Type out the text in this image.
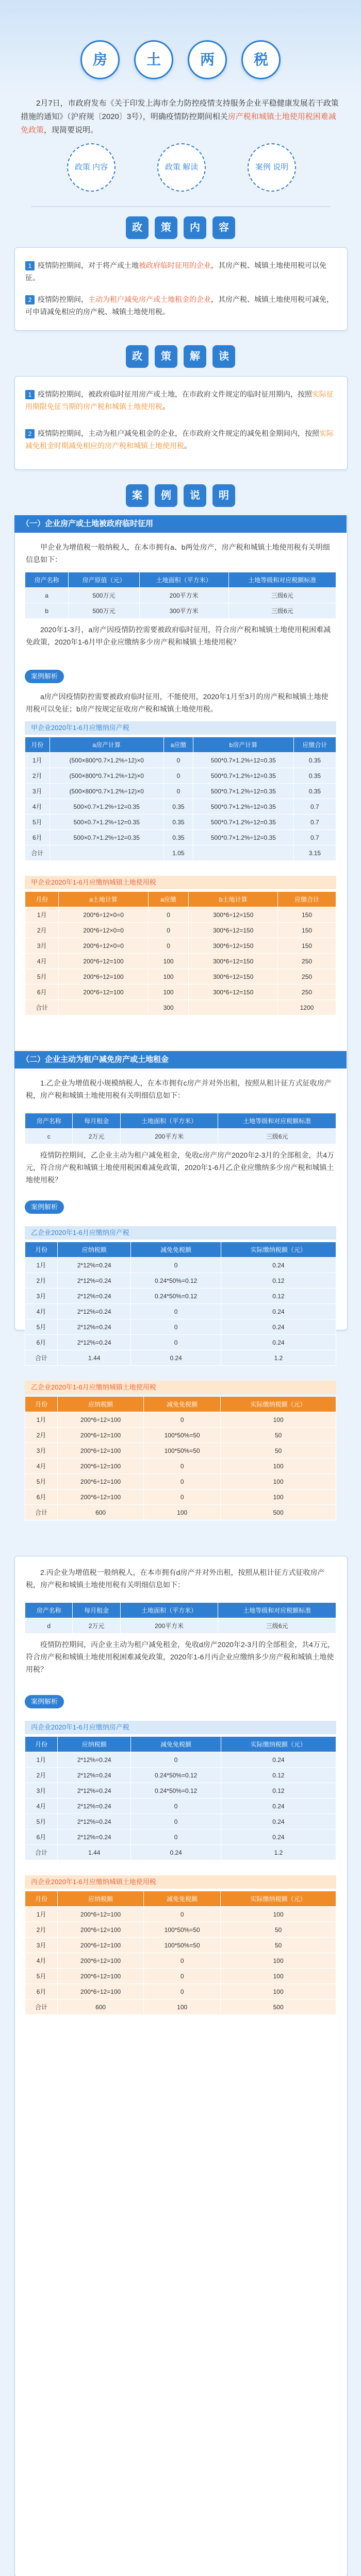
房	土	两	税
2月7日，市政府发布《关于印发上海市全力防控疫情支持服务企业平稳健康发展若干政策措施的通知》（沪府规〔2020〕3号），明确疫情防控期间相关房产税和城镇土地使用税困难减免政策，现简要说明。
政策 内容	政策 解读	案例 说明
政 策 内 容
1 疫情防控期间，对于将产或土地被政府临时征用的企业，其房产税、城镇土地使用税可以免征。
2 疫情防控期间，主动为租户减免房产或土地租金的企业，其房产税、城镇土地使用税可减免，可申请减免相应的房产税、城镇土地使用税。
政 策 解 读
1 疫情防控期间，被政府临时征用房产或土地，在市政府文件规定的临时征用期内，按照实际征用期限免征当期的房产税和城镇土地使用税。
2 疫情防控期间，主动为租户减免租金的企业，在市政府文件规定的减免租金期间内，按照实际减免租金时期减免相应的房产税和城镇土地使用税。
案 例 说 明
（一）企业房产或土地被政府临时征用
甲企业为增值税一般纳税人，在本市拥有a、b两处房产，房产税和城镇土地使用税有关明细信息如下：
房产名称	房产原值（元）	土地面积（平方米）	土地等级和对应税额标准
a	500万元	200平方米	三级6元
b	500万元	300平方米	三级6元
2020年1-3月，a房产因疫情防控需要被政府临时征用，符合房产税和城镇土地使用税困难减免政策，2020年1-6月甲企业应缴纳多少房产税和城镇土地使用税？
案例解析
a房产因疫情防控需要被政府临时征用，不能使用，2020年1月至3月的房产税和城镇土地使用税可以免征；b房产按规定征收房产税和城镇土地使用税。
甲企业2020年1-6月应缴纳房产税
月份	a房产计算	a应缴	b房产计算	应缴合计
1月	(500×800*0.7×1.2%÷12)×0	0	500*0.7×1.2%÷12=0.35	0.35
2月	(500×800*0.7×1.2%÷12)×0	0	500*0.7×1.2%÷12=0.35	0.35
3月	(500×800*0.7×1.2%÷12)×0	0	500*0.7×1.2%÷12=0.35	0.35
4月	500×0.7×1.2%÷12=0.35	0.35	500*0.7×1.2%÷12=0.35	0.7
5月	500×0.7×1.2%÷12=0.35	0.35	500*0.7×1.2%÷12=0.35	0.7
6月	500×0.7×1.2%÷12=0.35	0.35	500*0.7×1.2%÷12=0.35	0.7
合计		1.05		3.15
甲企业2020年1-6月应缴纳城镇土地使用税
月份	a土地计算	a应缴	b土地计算	应缴合计
1月	200*6÷12×0=0	0	300*6÷12=150	150
2月	200*6÷12×0=0	0	300*6÷12=150	150
3月	200*6÷12×0=0	0	300*6÷12=150	150
4月	200*6÷12=100	100	300*6÷12=150	250
5月	200*6÷12=100	100	300*6÷12=150	250
6月	200*6÷12=100	100	300*6÷12=150	250
合计		300		1200
（二）企业主动为租户减免房产或土地租金
1.乙企业为增值税小规模纳税人，在本市拥有c房产并对外出租，按照从租计征方式征收房产税，房产税和城镇土地使用税有关明细信息如下：
房产名称	每月租金	土地面积（平方米）	土地等级和对应税额标准
c	2万元	200平方米	三级6元
疫情防控期间，乙企业主动为租户减免租金，免收c房产房产2020年2-3月的全部租金，共4万元，符合房产税和城镇土地使用税困难减免政策，2020年1-6月乙企业应缴纳多少房产税和城镇土地使用税？
案例解析
乙企业2020年1-6月应缴纳房产税
月份	应纳税额	减免免税额	实际缴纳税额（元）
1月	2*12%=0.24	0	0.24
2月	2*12%=0.24	0.24*50%=0.12	0.12
3月	2*12%=0.24	0.24*50%=0.12	0.12
4月	2*12%=0.24	0	0.24
5月	2*12%=0.24	0	0.24
6月	2*12%=0.24	0	0.24
合计	1.44	0.24	1.2
乙企业2020年1-6月应缴纳城镇土地使用税
月份	应纳税额	减免免税额	实际缴纳税额（元）
1月	200*6÷12=100	0	100
2月	200*6÷12=100	100*50%=50	50
3月	200*6÷12=100	100*50%=50	50
4月	200*6÷12=100	0	100
5月	200*6÷12=100	0	100
6月	200*6÷12=100	0	100
合计	600	100	500
2.丙企业为增值税一般纳税人，在本市拥有d房产并对外出租，按照从租计征方式征收房产税，房产税和城镇土地使用税有关明细信息如下：
房产名称	每月租金	土地面积（平方米）	土地等级和对应税额标准
d	2万元	200平方米	三级6元
疫情防控期间，丙企业主动为租户减免租金，免收d房产2020年2-3月的全部租金，共4万元，符合房产税和城镇土地使用税困难减免政策，2020年1-6月丙企业应缴纳多少房产税和城镇土地使用税？
案例解析
丙企业2020年1-6月应缴纳房产税
月份	应纳税额	减免免税额	实际缴纳税额（元）
1月	2*12%=0.24	0	0.24
2月	2*12%=0.24	0.24*50%=0.12	0.12
3月	2*12%=0.24	0.24*50%=0.12	0.12
4月	2*12%=0.24	0	0.24
5月	2*12%=0.24	0	0.24
6月	2*12%=0.24	0	0.24
合计	1.44	0.24	1.2
丙企业2020年1-6月应缴纳城镇土地使用税
月份	应纳税额	减免免税额	实际缴纳税额（元）
1月	200*6÷12=100	0	100
2月	200*6÷12=100	100*50%=50	50
3月	200*6÷12=100	100*50%=50	50
4月	200*6÷12=100	0	100
5月	200*6÷12=100	0	100
6月	200*6÷12=100	0	100
合计	600	100	500
